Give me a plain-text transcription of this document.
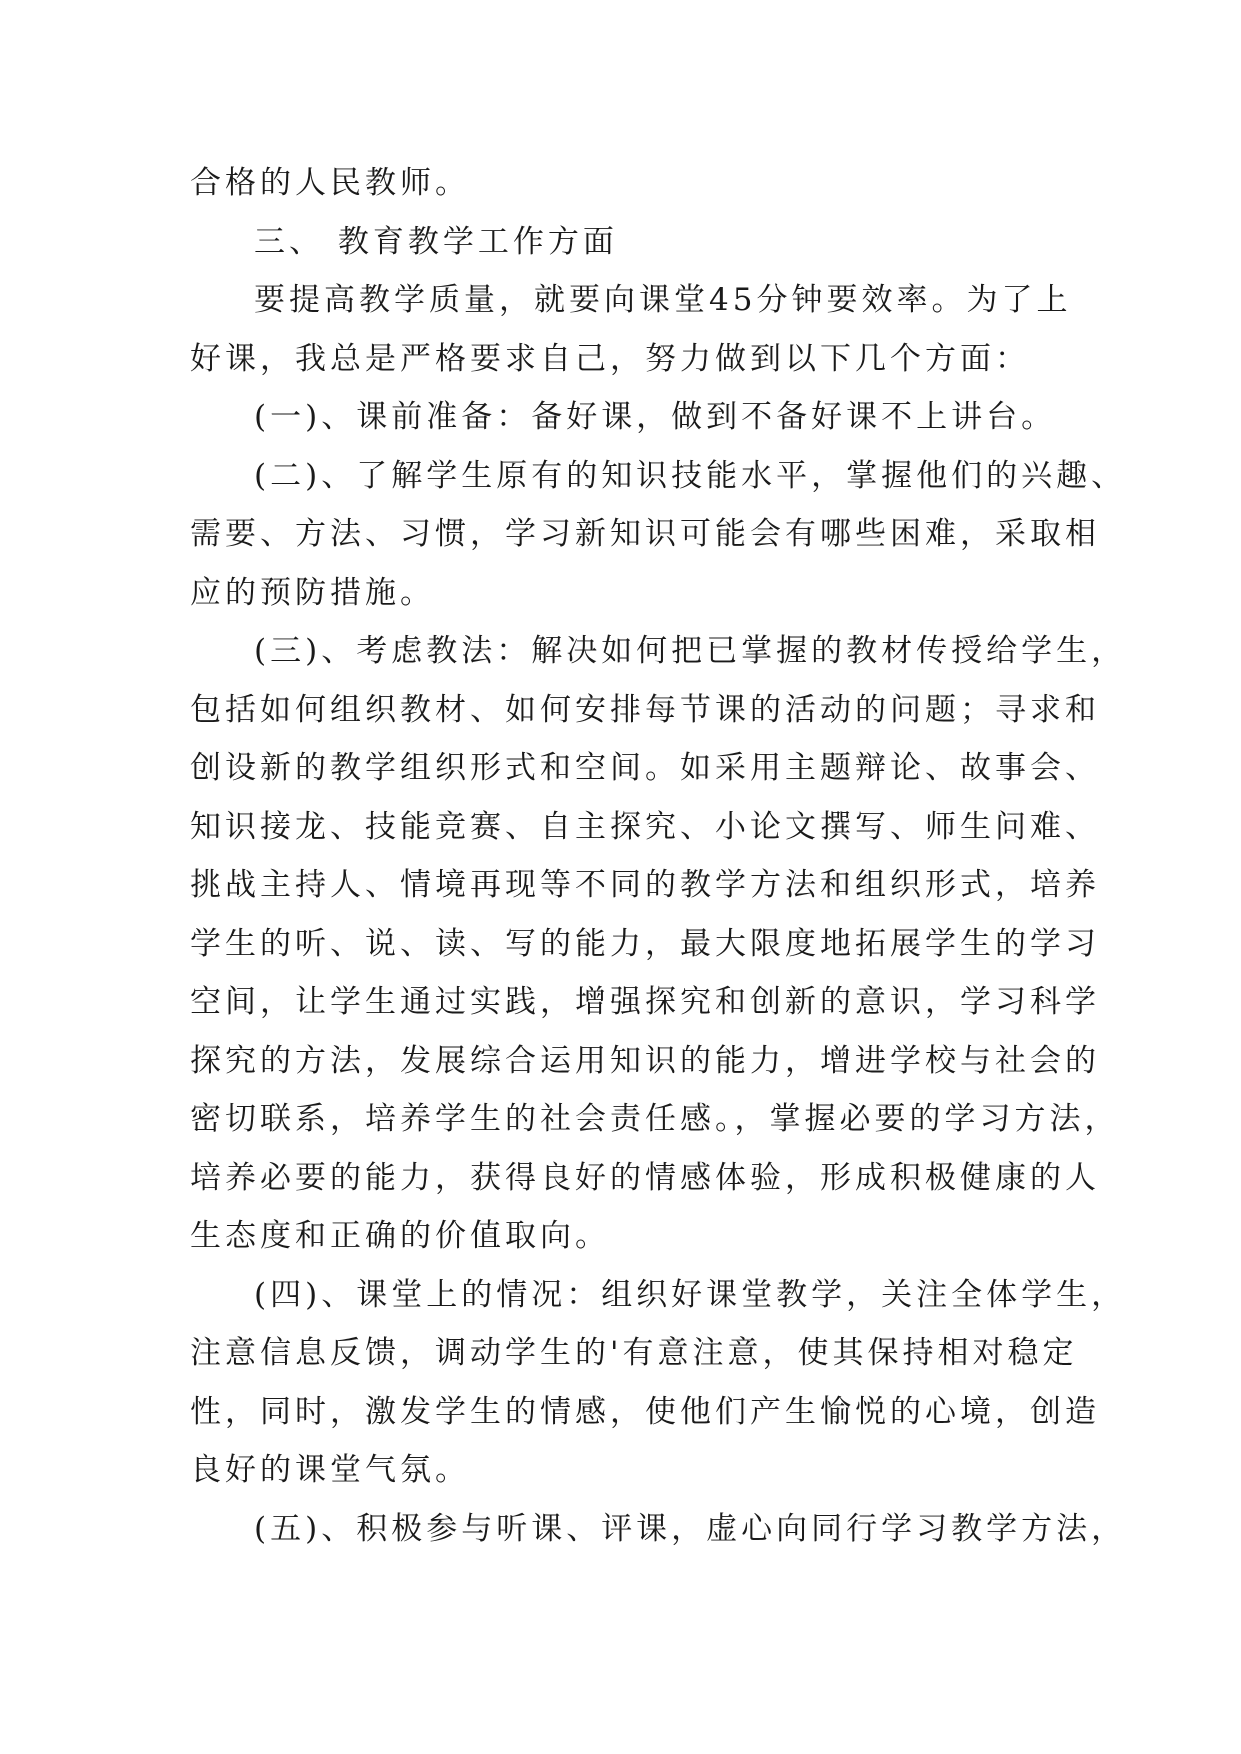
合格的人民教师。
三、 教育教学工作方面
要提高教学质量，就要向课堂45分钟要效率。为了上
好课，我总是严格要求自己，努力做到以下几个方面：
(一)、课前准备：备好课，做到不备好课不上讲台。
(二)、了解学生原有的知识技能水平，掌握他们的兴趣、
需要、方法、习惯，学习新知识可能会有哪些困难，采取相
应的预防措施。
(三)、考虑教法：解决如何把已掌握的教材传授给学生，
包括如何组织教材、如何安排每节课的活动的问题；寻求和
创设新的教学组织形式和空间。如采用主题辩论、故事会、
知识接龙、技能竞赛、自主探究、小论文撰写、师生问难、
挑战主持人、情境再现等不同的教学方法和组织形式，培养
学生的听、说、读、写的能力，最大限度地拓展学生的学习
空间，让学生通过实践，增强探究和创新的意识，学习科学
探究的方法，发展综合运用知识的能力，增进学校与社会的
密切联系，培养学生的社会责任感。，掌握必要的学习方法，
培养必要的能力，获得良好的情感体验，形成积极健康的人
生态度和正确的价值取向。
(四)、课堂上的情况：组织好课堂教学，关注全体学生，
注意信息反馈，调动学生的'有意注意，使其保持相对稳定
性，同时，激发学生的情感，使他们产生愉悦的心境，创造
良好的课堂气氛。
(五)、积极参与听课、评课，虚心向同行学习教学方法，
